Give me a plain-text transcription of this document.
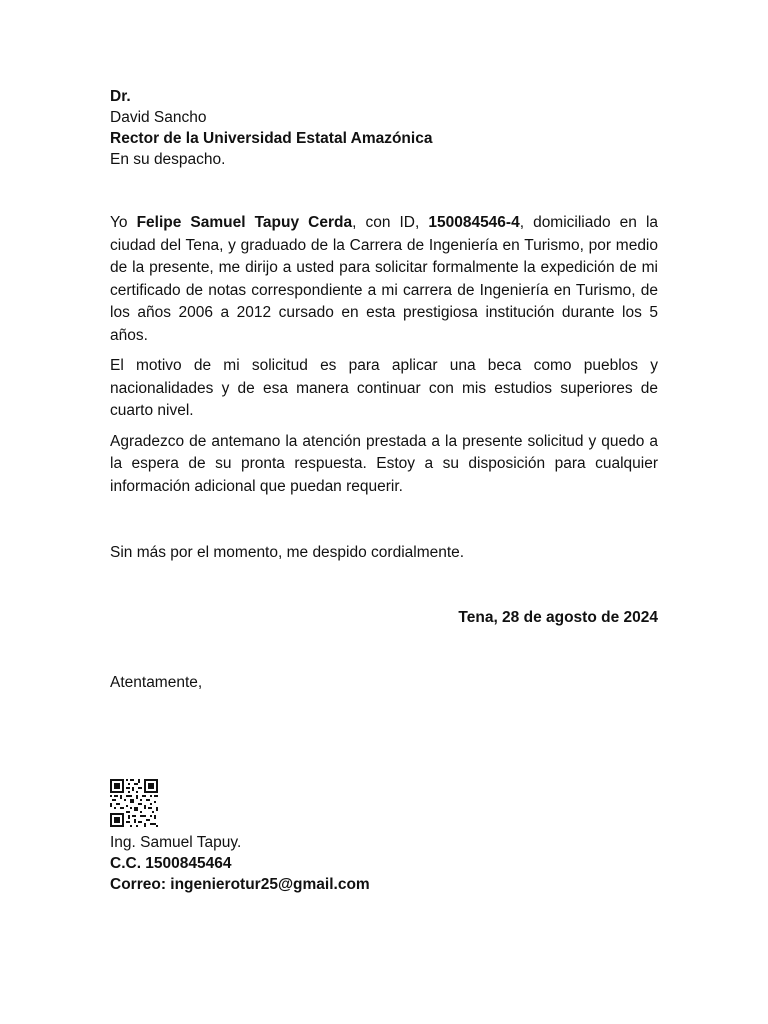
Dr.
David Sancho
Rector de la Universidad Estatal Amazónica
En su despacho.

Yo Felipe Samuel Tapuy Cerda, con ID, 150084546-4, domiciliado en la ciudad del Tena, y graduado de la Carrera de Ingeniería en Turismo, por medio de la presente, me dirijo a usted para solicitar formalmente la expedición de mi certificado de notas correspondiente a mi carrera de Ingeniería en Turismo, de los años 2006 a 2012 cursado en esta prestigiosa institución durante los 5 años.

El motivo de mi solicitud es para aplicar una beca como pueblos y nacionalidades y de esa manera continuar con mis estudios superiores de cuarto nivel.

Agradezco de antemano la atención prestada a la presente solicitud y quedo a la espera de su pronta respuesta. Estoy a su disposición para cualquier información adicional que puedan requerir.

Sin más por el momento, me despido cordialmente.
Tena, 28 de agosto de 2024
Atentamente,
Ing. Samuel Tapuy.
C.C. 1500845464
Correo: ingenierotur25@gmail.com
